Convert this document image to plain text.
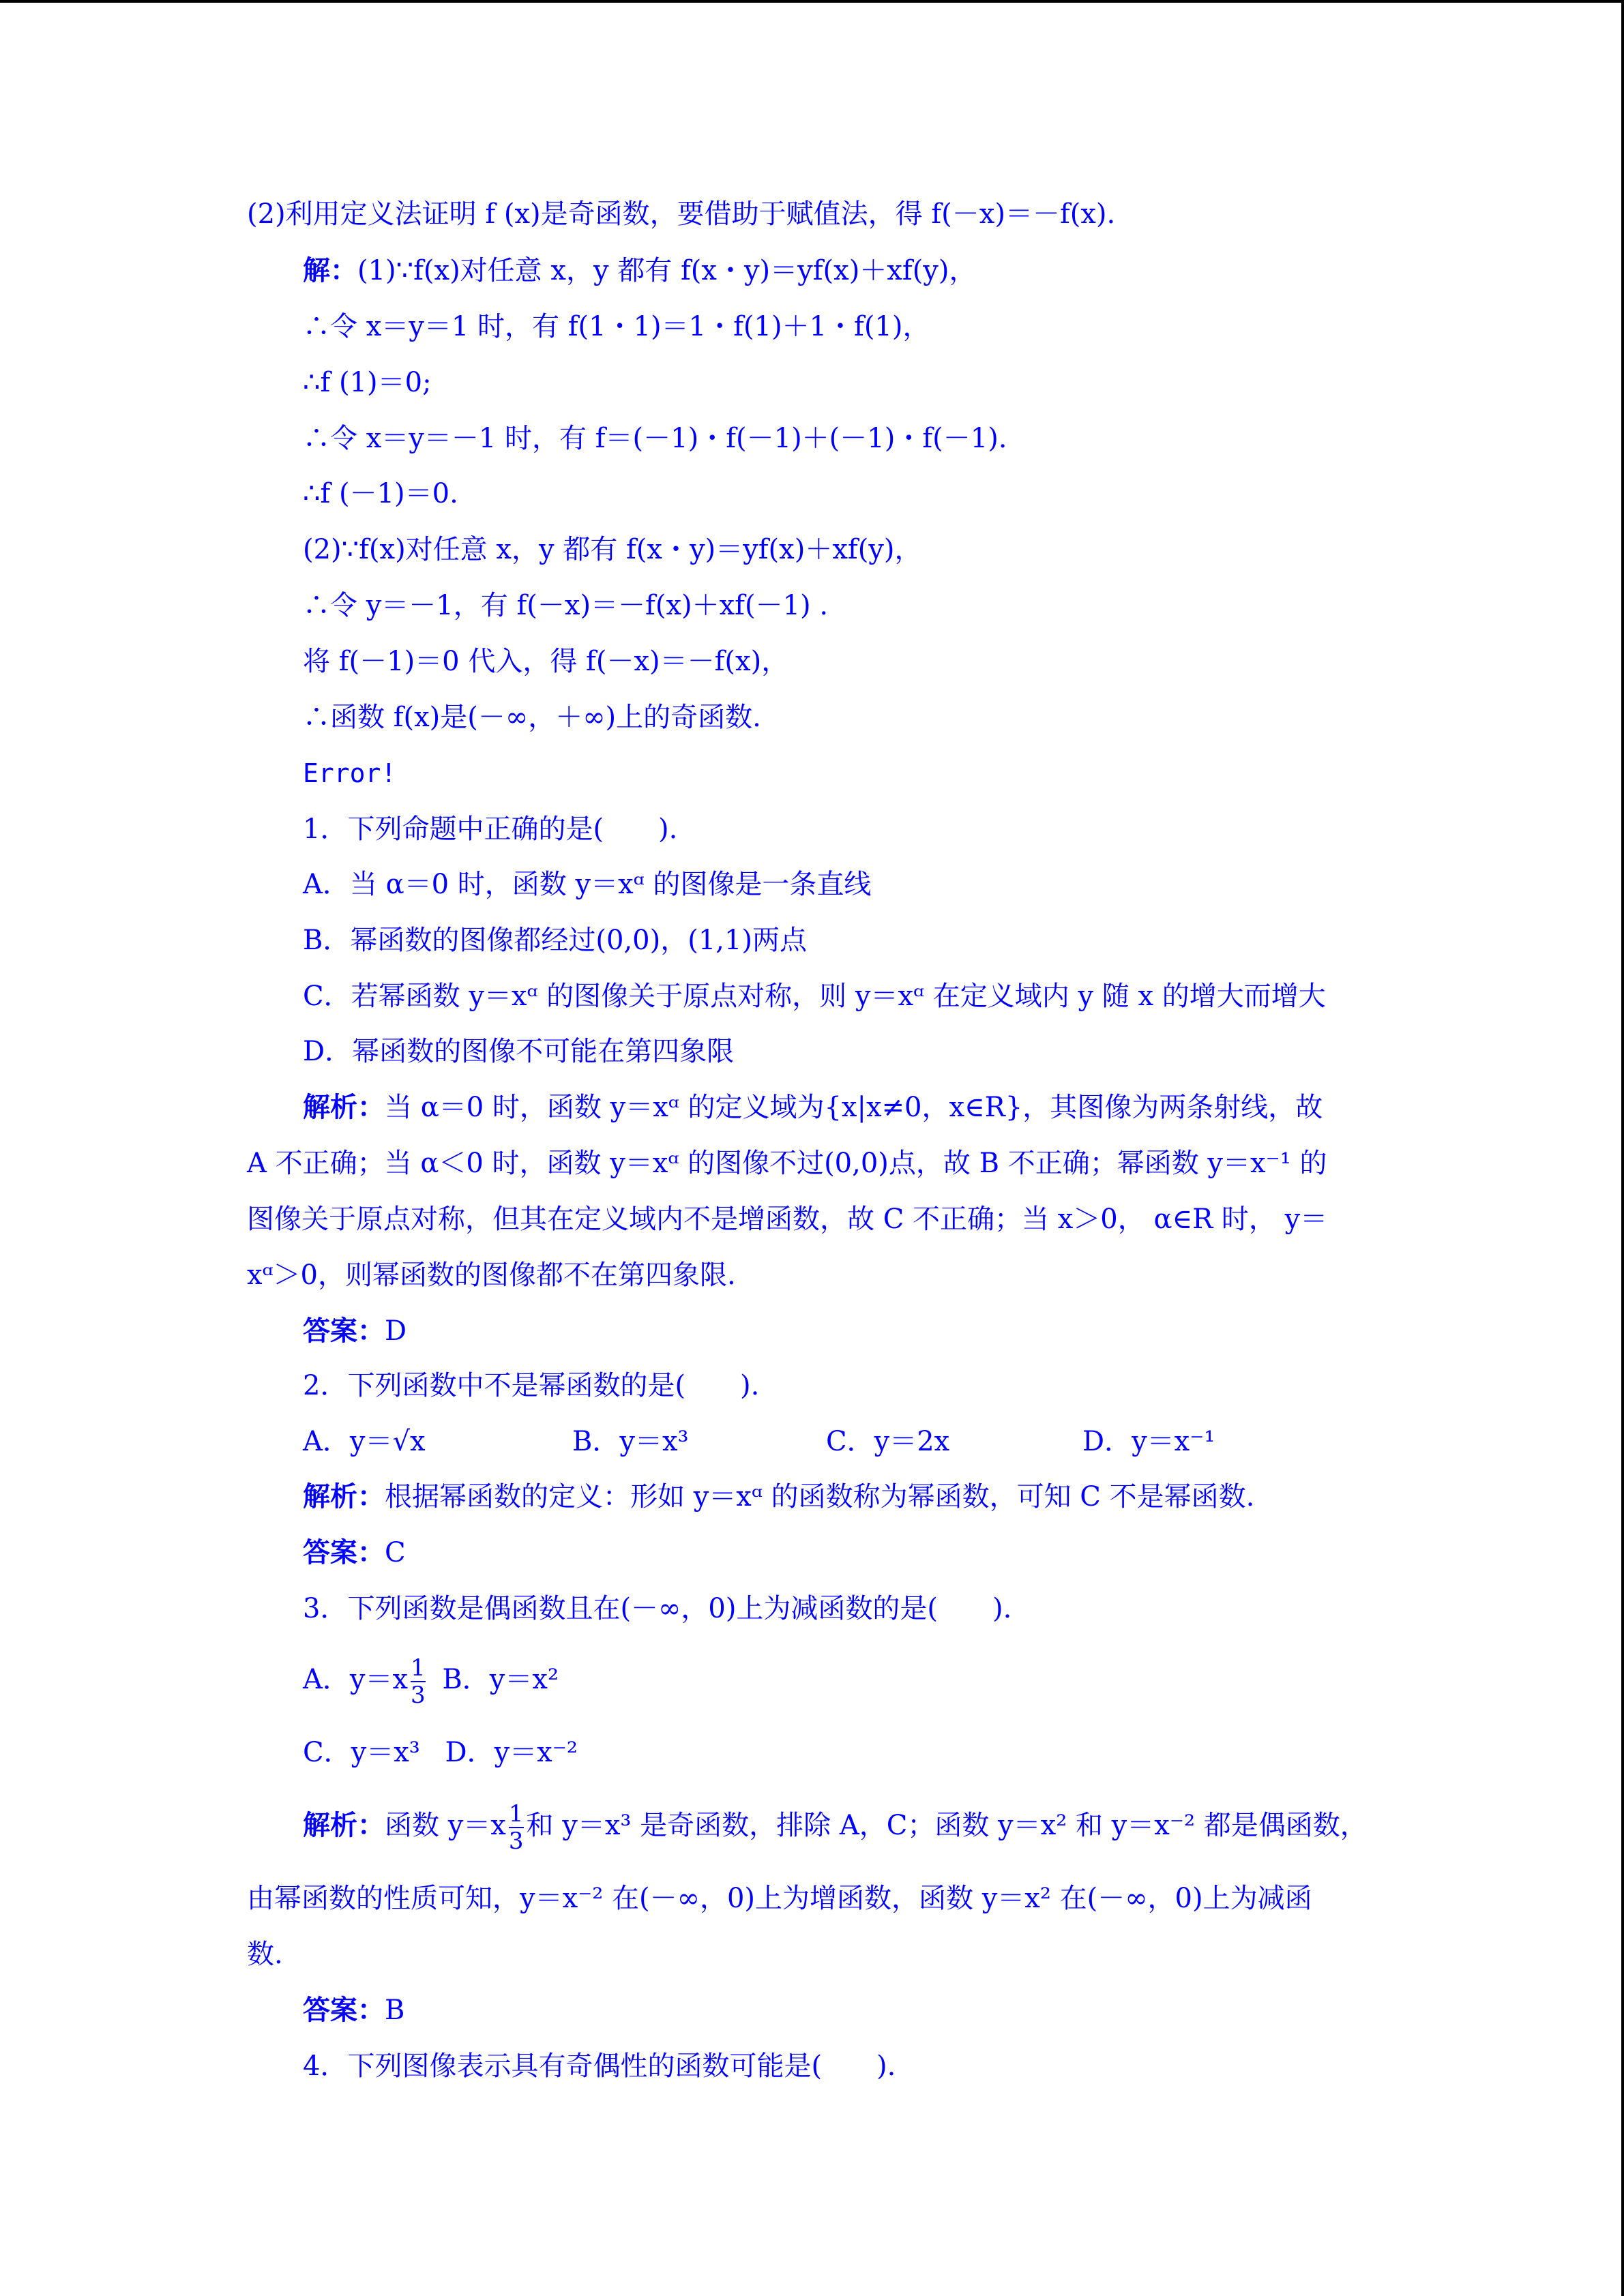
(2)利用定义法证明 f (x)是奇函数，要借助于赋值法，得 f(－x)＝－f(x).
解：(1)∵f(x)对任意 x，y 都有 f(x・y)＝yf(x)＋xf(y)，
∴令 x＝y＝1 时，有 f(1・1)＝1・f(1)＋1・f(1)，
∴f (1)＝0;
∴令 x＝y＝－1 时，有 f＝(－1)・f(－1)＋(－1)・f(－1).
∴f (－1)＝0.
(2)∵f(x)对任意 x，y 都有 f(x・y)＝yf(x)＋xf(y)，
∴令 y＝－1，有 f(－x)＝－f(x)＋xf(－1) .
将 f(－1)＝0 代入，得 f(－x)＝－f(x)，
∴函数 f(x)是(－∞，＋∞)上的奇函数.
Error!
1．下列命题中正确的是(　　).
A．当 α＝0 时，函数 y＝xᵅ 的图像是一条直线
B．幂函数的图像都经过(0,0)，(1,1)两点
C．若幂函数 y＝xᵅ 的图像关于原点对称，则 y＝xᵅ 在定义域内 y 随 x 的增大而增大
D．幂函数的图像不可能在第四象限
解析：当 α＝0 时，函数 y＝xᵅ 的定义域为{x|x≠0，x∈R}，其图像为两条射线，故
A 不正确；当 α＜0 时，函数 y＝xᵅ 的图像不过(0,0)点，故 B 不正确；幂函数 y＝x⁻¹ 的
图像关于原点对称，但其在定义域内不是增函数，故 C 不正确；当 x＞0， α∈R 时， y＝
xᵅ＞0，则幂函数的图像都不在第四象限.
答案：D
2．下列函数中不是幂函数的是(　　).
A．y＝√x	B．y＝x³	C．y＝2x	D．y＝x⁻¹
解析：根据幂函数的定义：形如 y＝xᵅ 的函数称为幂函数，可知 C 不是幂函数.
答案：C
3．下列函数是偶函数且在(－∞，0)上为减函数的是(　　).
A．$y=x \frac{1}{3}$ B．y＝x²
C．y＝x³ D．y＝x⁻²
解析：函数 $y=x \frac{1}{3}$ 和 y＝x³ 是奇函数，排除 A，C；函数 y＝x² 和 y＝x⁻² 都是偶函数，
由幂函数的性质可知，y＝x⁻² 在(－∞，0)上为增函数，函数 y＝x² 在(－∞，0)上为减函
数.
答案：B
4．下列图像表示具有奇偶性的函数可能是(　　).
